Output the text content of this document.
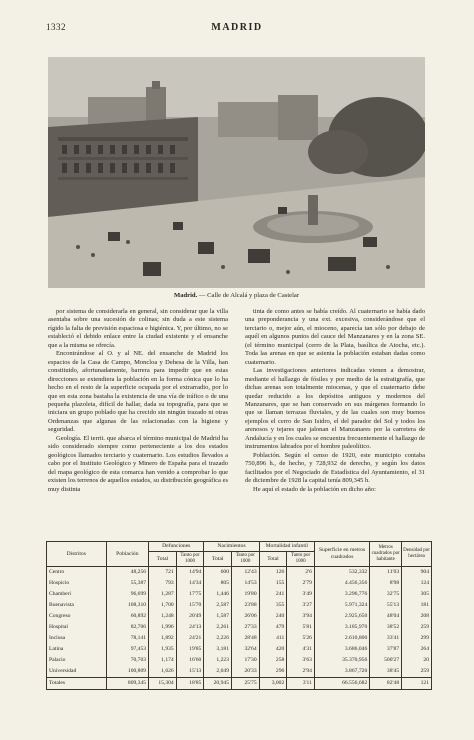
1332	MADRID
Madrid. — Calle de Alcalá y plaza de Castelar

por sistema de considerarla en general, sin considerar que la villa asentaba sobre una sucesión de colinas; sin duda a este sistema rígido la falta de previsión espaciosa e higiénica. Y, por último, no se estableció el debido enlace entre la ciudad existente y el ensanche que a la misma se ofrecía.

Encontrándose al O. y al NE. del ensanche de Madrid los espacios de la Casa de Campo, Moncloa y Dehesa de la Villa, han constituido, afortunadamente, barrera para impedir que en estas direcciones se extendiera la población en la forma cónica que lo ha hecho en el resto de la superficie ocupada por el extrarradio, por lo que en esta zona bastaba la existencia de una vía de tráfico o de una pequeña plazoleta, difícil de hallar, dada su topografía, para que se iniciara un grupo poblado que ha crecido sin ningún trazado ni otras Ordenanzas que algunas de las relacionadas con la higiene y seguridad.

Geología. El territ. que abarca el término municipal de Madrid ha sido considerado siempre como perteneciente a los dos estados geológicos llamados terciario y cuaternario. Los estudios llevados a cabo por el Instituto Geológico y Minero de España para el trazado del mapa geológico de esta comarca han venido a comprobar lo que existen los terrenos de aquellos estados, su distribución geográfica es muy distinta

tinta de como antes se había creído. Al cuaternario se había dado una preponderancia y una ext. excesiva, considerándose que el terciario o, mejor aún, el mioceno, aparecía tan sólo por debajo de aquél en algunos puntos del cauce del Manzanares y en la zona SE. (el término municipal (cerro de la Plata, basílica de Atocha, etc.). Toda las arenas en que se asienta la población estaban dadas como cuaternario.

Las investigaciones anteriores indicadas vienen a demostrar, mediante el hallazgo de fósiles y por medio de la estratigrafía, que dichas arenas son totalmente miocenas, y que el cuaternario debe quedar reducido a los depósitos antiguos y modernos del Manzanares, que se han conservado en sus márgenes formando lo que se llaman terrazas fluviales, y de las cuales son muy buenos ejemplos el cerro de San Isidro, el del parador del Sol y todos los arenosos y tejares que jalonan el Manzanares por la carretera de Andalucía y en los cuales se encuentra frecuentemente el hallazgo de instrumentos labrados por el hombre paleolítico.

Población. Según el censo de 1920, este municipio contaba 750,896 h., de hecho, y 728,932 de derecho, y según los datos facilitados por el Negociado de Estadística del Ayuntamiento, el 31 de diciembre de 1928 la capital tenía 809,345 h.

He aquí el estado de la población en dicho año:

Distritos	Población	Defunciones		Nacimientos		Mortalidad infantil		Superficie en metros cuadrados	Metros cuadrados por habitante	Densidad por hectárea
		Total	Tanto por 1000	Total	Tanto por 1000	Total	Tanto por 1000			
Centro	48,256	721	14'94	600	12'43	126	2'6	532,332	11'03	904
Hospicio	55,387	793	14'34	805	14'53	155	2'79	4.456,356	8'98	124
Chamberí	96,699	1,287	17'75	1,446	19'80	241	3'49	3.296,776	32'75	305
Buenavista	108,310	1,700	15'70	2,587	23'88	355	3'27	5.971,324	55'13	181
Congreso	60,892	1,248	20'49	1,587	26'06	240	3'94	2.925,650	48'04	208
Hospital	82,706	1,996	24'13	2,261	27'33	479	5'81	3.185,970	38'52	259
Inclusa	78,141	1,892	24'21	2,226	28'48	411	5'26	2.610,800	33'41	299
Latina	97,453	1,935	19'85	3,181	32'64	420	4'31	3.686,046	37'87	264
Palacio	70,703	1,174	16'60	1,223	17'30	258	3'63	35.370,956	500'27	20
Universidad	100,809	1,626	15'13	2,049	20'33	296	2'94	3.867,720	38'45	259
Totales	809,345	15,304	18'85	20,945	25'75	3,002	3'11	66.556,682	82'48	121
